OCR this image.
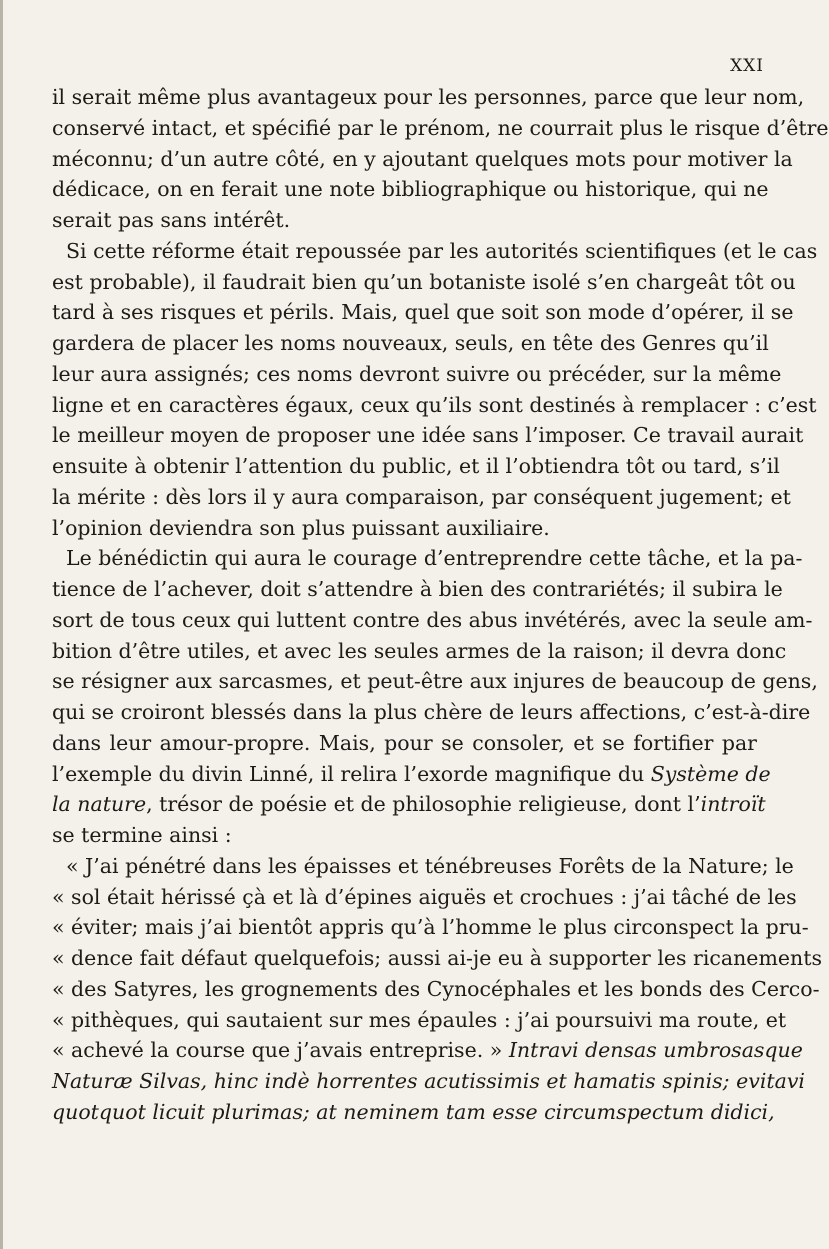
XXI
il serait même plus avantageux pour les personnes, parce que leur nom,
conservé intact, et spécifié par le prénom, ne courrait plus le risque d’être
méconnu; d’un autre côté, en y ajoutant quelques mots pour motiver la
dédicace, on en ferait une note bibliographique ou historique, qui ne
serait pas sans intérêt.
Si cette réforme était repoussée par les autorités scientifiques (et le cas
est probable), il faudrait bien qu’un botaniste isolé s’en chargeât tôt ou
tard à ses risques et périls. Mais, quel que soit son mode d’opérer, il se
gardera de placer les noms nouveaux, seuls, en tête des Genres qu’il
leur aura assignés; ces noms devront suivre ou précéder, sur la même
ligne et en caractères égaux, ceux qu’ils sont destinés à remplacer : c’est
le meilleur moyen de proposer une idée sans l’imposer. Ce travail aurait
ensuite à obtenir l’attention du public, et il l’obtiendra tôt ou tard, s’il
la mérite : dès lors il y aura comparaison, par conséquent jugement; et
l’opinion deviendra son plus puissant auxiliaire.
Le bénédictin qui aura le courage d’entreprendre cette tâche, et la pa-
tience de l’achever, doit s’attendre à bien des contrariétés; il subira le
sort de tous ceux qui luttent contre des abus invétérés, avec la seule am-
bition d’être utiles, et avec les seules armes de la raison; il devra donc
se résigner aux sarcasmes, et peut-être aux injures de beaucoup de gens,
qui se croiront blessés dans la plus chère de leurs affections, c’est-à-dire
dans leur amour-propre. Mais, pour se consoler, et se fortifier par
l’exemple du divin Linné, il relira l’exorde magnifique du Système de
la nature, trésor de poésie et de philosophie religieuse, dont l’introït
se termine ainsi :
« J’ai pénétré dans les épaisses et ténébreuses Forêts de la Nature; le
« sol était hérissé çà et là d’épines aiguës et crochues : j’ai tâché de les
« éviter; mais j’ai bientôt appris qu’à l’homme le plus circonspect la pru-
« dence fait défaut quelquefois; aussi ai-je eu à supporter les ricanements
« des Satyres, les grognements des Cynocéphales et les bonds des Cerco-
« pithèques, qui sautaient sur mes épaules : j’ai poursuivi ma route, et
« achevé la course que j’avais entreprise. » Intravi densas umbrosasque
Naturæ Silvas, hinc indè horrentes acutissimis et hamatis spinis; evitavi
quotquot licuit plurimas; at neminem tam esse circumspectum didici,
